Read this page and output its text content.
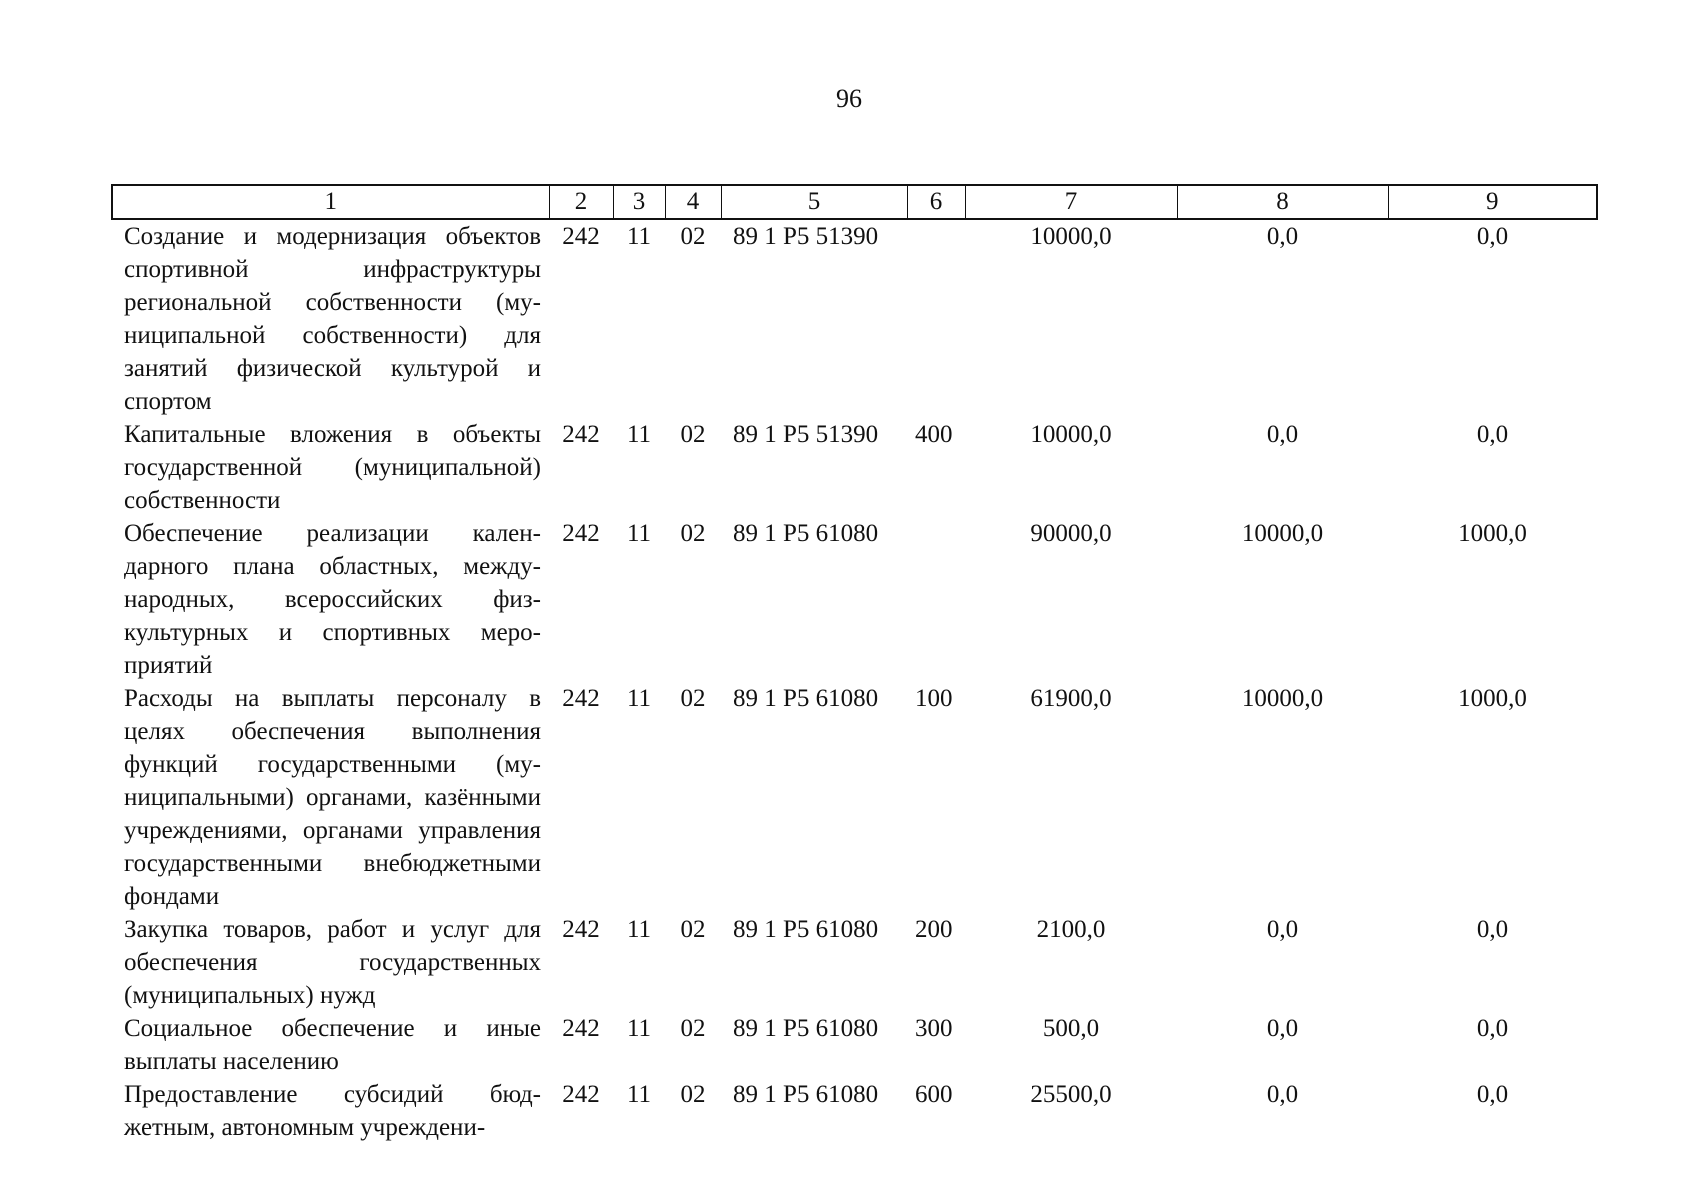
96
1	2	3	4	5	6	7	8	9
Создание и модернизация объектов спортивной инфраструктуры региональной собственности (муниципальной собственности) для занятий физической культурой и спортом	242	11	02	89 1 Р5 51390		10000,0	0,0	0,0
Капитальные вложения в объекты государственной (муниципальной) собственности	242	11	02	89 1 Р5 51390	400	10000,0	0,0	0,0
Обеспечение реализации календарного плана областных, международных, всероссийских физкультурных и спортивных мероприятий	242	11	02	89 1 Р5 61080		90000,0	10000,0	1000,0
Расходы на выплаты персоналу в целях обеспечения выполнения функций государственными (муниципальными) органами, казёнными учреждениями, органами управления государственными внебюджетными фондами	242	11	02	89 1 Р5 61080	100	61900,0	10000,0	1000,0
Закупка товаров, работ и услуг для обеспечения государственных (муниципальных) нужд	242	11	02	89 1 Р5 61080	200	2100,0	0,0	0,0
Социальное обеспечение и иные выплаты населению	242	11	02	89 1 Р5 61080	300	500,0	0,0	0,0
Предоставление субсидий бюджетным, автономным учреждени-	242	11	02	89 1 Р5 61080	600	25500,0	0,0	0,0
